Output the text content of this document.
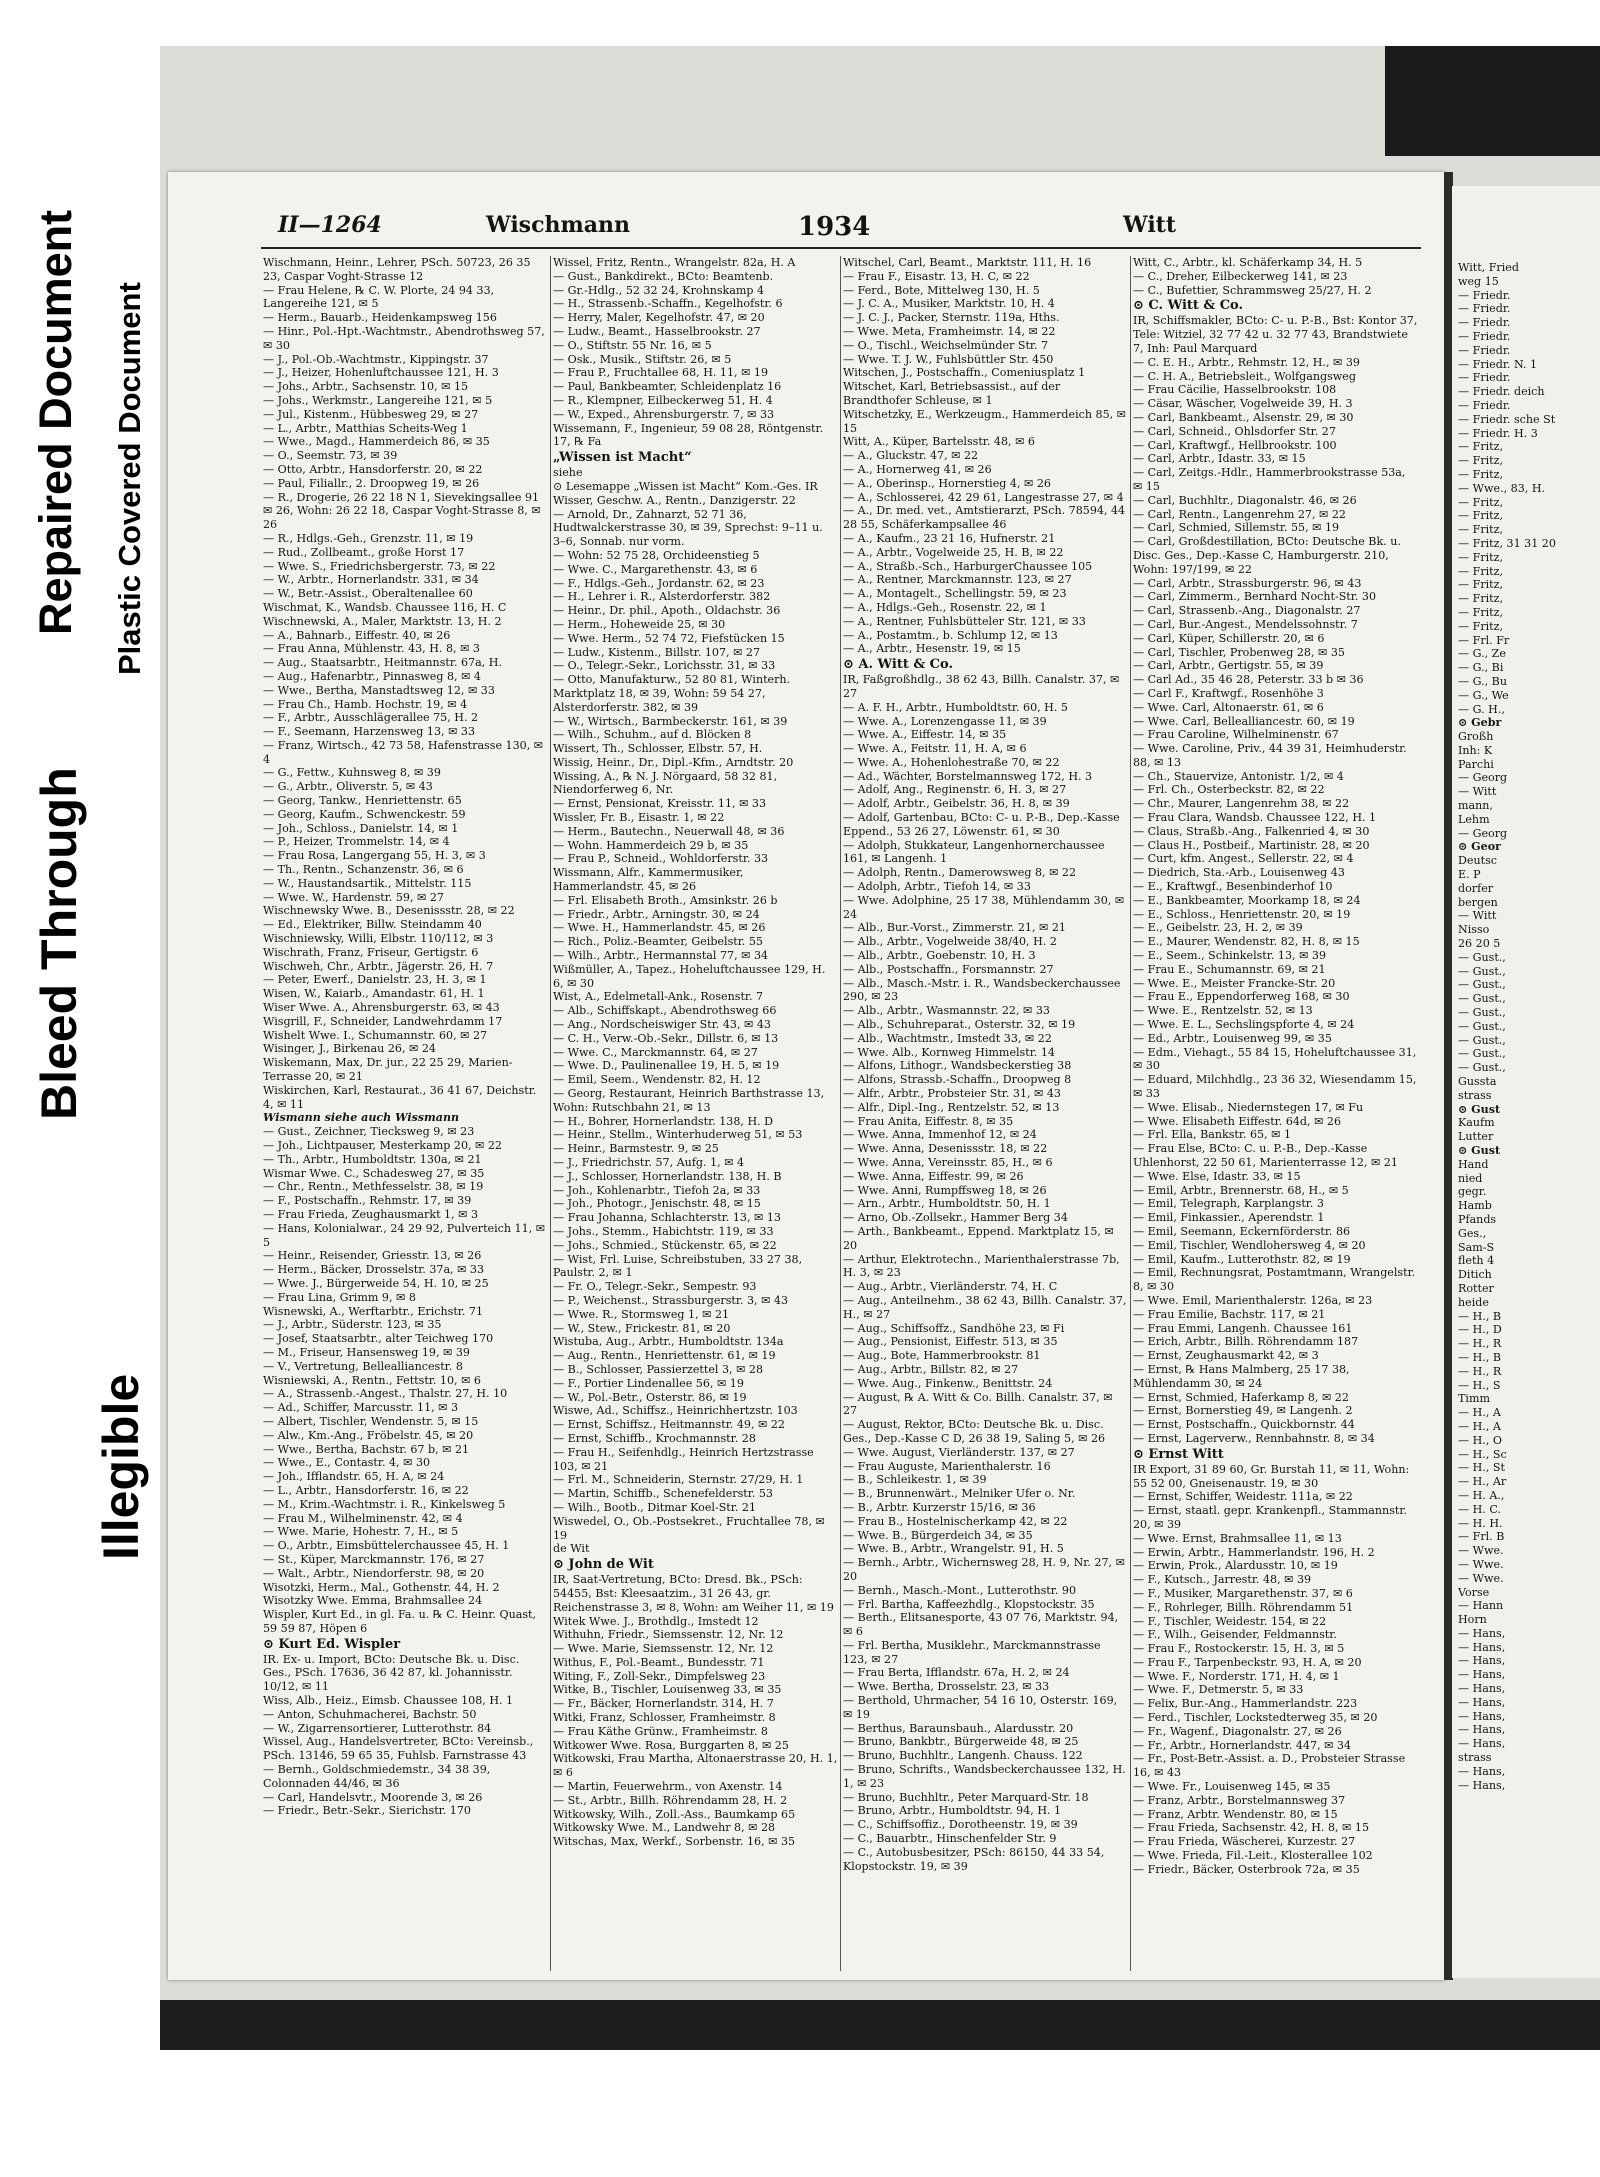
Bleed Through
Repaired Document
Illegible
Plastic Covered Document
II—1264	Wischmann	1934	Witt

Wischmann, Heinr., Lehrer, PSch. 50723, 26 35 23, Caspar Voght-Strasse 12

— Frau Helene, ℞ C. W. Plorte, 24 94 33, Langereihe 121, ✉ 5

— Herm., Bauarb., Heidenkampsweg 156

— Hinr., Pol.-Hpt.-Wachtmstr., Abendrothsweg 57, ✉ 30

— J., Pol.-Ob.-Wachtmstr., Kippingstr. 37

— J., Heizer, Hohenluftchaussee 121, H. 3

— Johs., Arbtr., Sachsenstr. 10, ✉ 15

— Johs., Werkmstr., Langereihe 121, ✉ 5

— Jul., Kistenm., Hübbesweg 29, ✉ 27

— L., Arbtr., Matthias Scheits-Weg 1

— Wwe., Magd., Hammerdeich 86, ✉ 35

— O., Seemstr. 73, ✉ 39

— Otto, Arbtr., Hansdorferstr. 20, ✉ 22

— Paul, Filiallr., 2. Droopweg 19, ✉ 26

— R., Drogerie, 26 22 18 N 1, Sievekingsallee 91 ✉ 26, Wohn: 26 22 18, Caspar Voght-Strasse 8, ✉ 26

— R., Hdlgs.-Geh., Grenzstr. 11, ✉ 19

— Rud., Zollbeamt., große Horst 17

— Wwe. S., Friedrichsbergerstr. 73, ✉ 22

— W., Arbtr., Hornerlandstr. 331, ✉ 34

— W., Betr.-Assist., Oberaltenallee 60

Wischmat, K., Wandsb. Chaussee 116, H. C

Wischnewski, A., Maler, Marktstr. 13, H. 2

— A., Bahnarb., Eiffestr. 40, ✉ 26

— Frau Anna, Mühlenstr. 43, H. 8, ✉ 3

— Aug., Staatsarbtr., Heitmannstr. 67a, H.

— Aug., Hafenarbtr., Pinnasweg 8, ✉ 4

— Wwe., Bertha, Manstadtsweg 12, ✉ 33

— Frau Ch., Hamb. Hochstr. 19, ✉ 4

— F., Arbtr., Ausschlägerallee 75, H. 2

— F., Seemann, Harzensweg 13, ✉ 33

— Franz, Wirtsch., 42 73 58, Hafenstrasse 130, ✉ 4

— G., Fettw., Kuhnsweg 8, ✉ 39

— G., Arbtr., Oliverstr. 5, ✉ 43

— Georg, Tankw., Henriettenstr. 65

— Georg, Kaufm., Schwenckestr. 59

— Joh., Schloss., Danielstr. 14, ✉ 1

— P., Heizer, Trommelstr. 14, ✉ 4

— Frau Rosa, Langergang 55, H. 3, ✉ 3

— Th., Rentn., Schanzenstr. 36, ✉ 6

— W., Haustandsartik., Mittelstr. 115

— Wwe. W., Hardenstr. 59, ✉ 27

Wischnewsky Wwe. B., Desenissstr. 28, ✉ 22

— Ed., Elektriker, Billw. Steindamm 40

Wischniewsky, Willi, Elbstr. 110/112, ✉ 3

Wischrath, Franz, Friseur, Gertigstr. 6

Wischweh, Chr., Arbtr., Jägerstr. 26, H. 7

— Peter, Ewerf., Danielstr. 23, H. 3, ✉ 1

Wisen, W., Kaiarb., Amandastr. 61, H. 1

Wiser Wwe. A., Ahrensburgerstr. 63, ✉ 43

Wisgrill, F., Schneider, Landwehrdamm 17

Wishelt Wwe. I., Schumannstr. 60, ✉ 27

Wisinger, J., Birkenau 26, ✉ 24

Wiskemann, Max, Dr. jur., 22 25 29, Marien-Terrasse 20, ✉ 21

Wiskirchen, Karl, Restaurat., 36 41 67, Deichstr. 4, ✉ 11

Wismann siehe auch Wissmann

— Gust., Zeichner, Tiecksweg 9, ✉ 23

— Joh., Lichtpauser, Mesterkamp 20, ✉ 22

— Th., Arbtr., Humboldtstr. 130a, ✉ 21

Wismar Wwe. C., Schadesweg 27, ✉ 35

— Chr., Rentn., Methfesselstr. 38, ✉ 19

— F., Postschaffn., Rehmstr. 17, ✉ 39

— Frau Frieda, Zeughausmarkt 1, ✉ 3

— Hans, Kolonialwar., 24 29 92, Pulverteich 11, ✉ 5

— Heinr., Reisender, Griesstr. 13, ✉ 26

— Herm., Bäcker, Drosselstr. 37a, ✉ 33

— Wwe. J., Bürgerweide 54, H. 10, ✉ 25

— Frau Lina, Grimm 9, ✉ 8

Wisnewski, A., Werftarbtr., Erichstr. 71

— J., Arbtr., Süderstr. 123, ✉ 35

— Josef, Staatsarbtr., alter Teichweg 170

— M., Friseur, Hansensweg 19, ✉ 39

— V., Vertretung, Bellealliancestr. 8

Wisniewski, A., Rentn., Fettstr. 10, ✉ 6

— A., Strassenb.-Angest., Thalstr. 27, H. 10

— Ad., Schiffer, Marcusstr. 11, ✉ 3

— Albert, Tischler, Wendenstr. 5, ✉ 15

— Alw., Km.-Ang., Fröbelstr. 45, ✉ 20

— Wwe., Bertha, Bachstr. 67 b, ✉ 21

— Wwe., E., Contastr. 4, ✉ 30

— Joh., Ifflandstr. 65, H. A, ✉ 24

— L., Arbtr., Hansdorferstr. 16, ✉ 22

— M., Krim.-Wachtmstr. i. R., Kinkelsweg 5

— Frau M., Wilhelminenstr. 42, ✉ 4

— Wwe. Marie, Hohestr. 7, H., ✉ 5

— O., Arbtr., Eimsbüttelerchaussee 45, H. 1

— St., Küper, Marckmannstr. 176, ✉ 27

— Walt., Arbtr., Niendorferstr. 98, ✉ 20

Wisotzki, Herm., Mal., Gothenstr. 44, H. 2

Wisotzky Wwe. Emma, Brahmsallee 24

Wispler, Kurt Ed., in gl. Fa. u. ℞ C. Heinr. Quast, 59 59 87, Höpen 6

⊙ Kurt Ed. Wispler

IR. Ex- u. Import, BCto: Deutsche Bk. u. Disc. Ges., PSch. 17636, 36 42 87, kl. Johannisstr. 10/12, ✉ 11

Wiss, Alb., Heiz., Eimsb. Chaussee 108, H. 1

— Anton, Schuhmacherei, Bachstr. 50

— W., Zigarrensortierer, Lutterothstr. 84

Wissel, Aug., Handelsvertreter, BCto: Vereinsb., PSch. 13146, 59 65 35, Fuhlsb. Farnstrasse 43

— Bernh., Goldschmiedemstr., 34 38 39, Colonnaden 44/46, ✉ 36

— Carl, Handelsvtr., Moorende 3, ✉ 26

— Friedr., Betr.-Sekr., Sierichstr. 170

Wissel, Fritz, Rentn., Wrangelstr. 82a, H. A

— Gust., Bankdirekt., BCto: Beamtenb.

— Gr.-Hdlg., 52 32 24, Krohnskamp 4

— H., Strassenb.-Schaffn., Kegelhofstr. 6

— Herry, Maler, Kegelhofstr. 47, ✉ 20

— Ludw., Beamt., Hasselbrookstr. 27

— O., Stiftstr. 55 Nr. 16, ✉ 5

— Osk., Musik., Stiftstr. 26, ✉ 5

— Frau P., Fruchtallee 68, H. 11, ✉ 19

— Paul, Bankbeamter, Schleidenplatz 16

— R., Klempner, Eilbeckerweg 51, H. 4

— W., Exped., Ahrensburgerstr. 7, ✉ 33

Wissemann, F., Ingenieur, 59 08 28, Röntgenstr. 17, ℞ Fa

„Wissen ist Macht“

siehe

⊙ Lesemappe „Wissen ist Macht“ Kom.-Ges. IR

Wisser, Geschw. A., Rentn., Danzigerstr. 22

— Arnold, Dr., Zahnarzt, 52 71 36, Hudtwalckerstrasse 30, ✉ 39, Sprechst: 9–11 u. 3–6, Sonnab. nur vorm.

— Wohn: 52 75 28, Orchideenstieg 5

— Wwe. C., Margarethenstr. 43, ✉ 6

— F., Hdlgs.-Geh., Jordanstr. 62, ✉ 23

— H., Lehrer i. R., Alsterdorferstr. 382

— Heinr., Dr. phil., Apoth., Oldachstr. 36

— Herm., Hoheweide 25, ✉ 30

— Wwe. Herm., 52 74 72, Fiefstücken 15

— Ludw., Kistenm., Billstr. 107, ✉ 27

— O., Telegr.-Sekr., Lorichsstr. 31, ✉ 33

— Otto, Manufakturw., 52 80 81, Winterh. Marktplatz 18, ✉ 39, Wohn: 59 54 27, Alsterdorferstr. 382, ✉ 39

— W., Wirtsch., Barmbeckerstr. 161, ✉ 39

— Wilh., Schuhm., auf d. Blöcken 8

Wissert, Th., Schlosser, Elbstr. 57, H.

Wissig, Heinr., Dr., Dipl.-Kfm., Arndtstr. 20

Wissing, A., ℞ N. J. Nörgaard, 58 32 81, Niendorferweg 6, Nr.

— Ernst, Pensionat, Kreisstr. 11, ✉ 33

Wissler, Fr. B., Eisastr. 1, ✉ 22

— Herm., Bautechn., Neuerwall 48, ✉ 36

— Wohn. Hammerdeich 29 b, ✉ 35

— Frau P., Schneid., Wohldorferstr. 33

Wissmann, Alfr., Kammermusiker, Hammerlandstr. 45, ✉ 26

— Frl. Elisabeth Broth., Amsinkstr. 26 b

— Friedr., Arbtr., Arningstr. 30, ✉ 24

— Wwe. H., Hammerlandstr. 45, ✉ 26

— Rich., Poliz.-Beamter, Geibelstr. 55

— Wilh., Arbtr., Hermannstal 77, ✉ 34

Wißmüller, A., Tapez., Hoheluftchaussee 129, H. 6, ✉ 30

Wist, A., Edelmetall-Ank., Rosenstr. 7

— Alb., Schiffskapt., Abendrothsweg 66

— Ang., Nordscheiswiger Str. 43, ✉ 43

— C. H., Verw.-Ob.-Sekr., Dillstr. 6, ✉ 13

— Wwe. C., Marckmannstr. 64, ✉ 27

— Wwe. D., Paulinenallee 19, H. 5, ✉ 19

— Emil, Seem., Wendenstr. 82, H. 12

— Georg, Restaurant, Heinrich Barthstrasse 13, Wohn: Rutschbahn 21, ✉ 13

— H., Bohrer, Hornerlandstr. 138, H. D

— Heinr., Stellm., Winterhuderweg 51, ✉ 53

— Heinr., Barmstestr. 9, ✉ 25

— J., Friedrichstr. 57, Aufg. 1, ✉ 4

— J., Schlosser, Hornerlandstr. 138, H. B

— Joh., Kohlenarbtr., Tiefoh 2a, ✉ 33

— Joh., Photogr., Jenischstr. 48, ✉ 15

— Frau Johanna, Schlachterstr. 13, ✉ 13

— Johs., Stemm., Habichtstr. 119, ✉ 33

— Johs., Schmied., Stückenstr. 65, ✉ 22

— Wist, Frl. Luise, Schreibstuben, 33 27 38, Paulstr. 2, ✉ 1

— Fr. O., Telegr.-Sekr., Sempestr. 93

— P., Weichenst., Strassburgerstr. 3, ✉ 43

— Wwe. R., Stormsweg 1, ✉ 21

— W., Stew., Frickestr. 81, ✉ 20

Wistuba, Aug., Arbtr., Humboldtstr. 134a

— Aug., Rentn., Henriettenstr. 61, ✉ 19

— B., Schlosser, Passierzettel 3, ✉ 28

— F., Portier Lindenallee 56, ✉ 19

— W., Pol.-Betr., Osterstr. 86, ✉ 19

Wiswe, Ad., Schiffsz., Heinrichhertzstr. 103

— Ernst, Schiffsz., Heitmannstr. 49, ✉ 22

— Ernst, Schiffb., Krochmannstr. 28

— Frau H., Seifenhdlg., Heinrich Hertzstrasse 103, ✉ 21

— Frl. M., Schneiderin, Sternstr. 27/29, H. 1

— Martin, Schiffb., Schenefelderstr. 53

— Wilh., Bootb., Ditmar Koel-Str. 21

Wiswedel, O., Ob.-Postsekret., Fruchtallee 78, ✉ 19

de Wit

⊙ John de Wit

IR, Saat-Vertretung, BCto: Dresd. Bk., PSch: 54455, Bst: Kleesaatzim., 31 26 43, gr. Reichenstrasse 3, ✉ 8, Wohn: am Weiher 11, ✉ 19

Witek Wwe. J., Brothdlg., Imstedt 12

Withuhn, Friedr., Siemssenstr. 12, Nr. 12

— Wwe. Marie, Siemssenstr. 12, Nr. 12

Withus, F., Pol.-Beamt., Bundesstr. 71

Witing, F., Zoll-Sekr., Dimpfelsweg 23

Witke, B., Tischler, Louisenweg 33, ✉ 35

— Fr., Bäcker, Hornerlandstr. 314, H. 7

Witki, Franz, Schlosser, Framheimstr. 8

— Frau Käthe Grünw., Framheimstr. 8

Witkower Wwe. Rosa, Burggarten 8, ✉ 25

Witkowski, Frau Martha, Altonaerstrasse 20, H. 1, ✉ 6

— Martin, Feuerwehrm., von Axenstr. 14

— St., Arbtr., Billh. Röhrendamm 28, H. 2

Witkowsky, Wilh., Zoll.-Ass., Baumkamp 65

Witkowsky Wwe. M., Landwehr 8, ✉ 28

Witschas, Max, Werkf., Sorbenstr. 16, ✉ 35

Witschel, Carl, Beamt., Marktstr. 111, H. 16

— Frau F., Eisastr. 13, H. C, ✉ 22

— Ferd., Bote, Mittelweg 130, H. 5

— J. C. A., Musiker, Marktstr. 10, H. 4

— J. C. J., Packer, Sternstr. 119a, Hths.

— Wwe. Meta, Framheimstr. 14, ✉ 22

— O., Tischl., Weichselmünder Str. 7

— Wwe. T. J. W., Fuhlsbüttler Str. 450

Witschen, J., Postschaffn., Comeniusplatz 1

Witschet, Karl, Betriebsassist., auf der Brandthofer Schleuse, ✉ 1

Witschetzky, E., Werkzeugm., Hammerdeich 85, ✉ 15

Witt, A., Küper, Bartelsstr. 48, ✉ 6

— A., Gluckstr. 47, ✉ 22

— A., Hornerweg 41, ✉ 26

— A., Oberinsp., Hornerstieg 4, ✉ 26

— A., Schlosserei, 42 29 61, Langestrasse 27, ✉ 4

— A., Dr. med. vet., Amtstierarzt, PSch. 78594, 44 28 55, Schäferkampsallee 46

— A., Kaufm., 23 21 16, Hufnerstr. 21

— A., Arbtr., Vogelweide 25, H. B, ✉ 22

— A., Straßb.-Sch., HarburgerChaussee 105

— A., Rentner, Marckmannstr. 123, ✉ 27

— A., Montagelt., Schellingstr. 59, ✉ 23

— A., Hdlgs.-Geh., Rosenstr. 22, ✉ 1

— A., Rentner, Fuhlsbütteler Str. 121, ✉ 33

— A., Postamtm., b. Schlump 12, ✉ 13

— A., Arbtr., Hesenstr. 19, ✉ 15

⊙ A. Witt & Co.

IR, Faßgroßhdlg., 38 62 43, Billh. Canalstr. 37, ✉ 27

— A. F. H., Arbtr., Humboldtstr. 60, H. 5

— Wwe. A., Lorenzengasse 11, ✉ 39

— Wwe. A., Eiffestr. 14, ✉ 35

— Wwe. A., Feitstr. 11, H. A, ✉ 6

— Wwe. A., Hohenlohestraße 70, ✉ 22

— Ad., Wächter, Borstelmannsweg 172, H. 3

— Adolf, Ang., Reginenstr. 6, H. 3, ✉ 27

— Adolf, Arbtr., Geibelstr. 36, H. 8, ✉ 39

— Adolf, Gartenbau, BCto: C- u. P.-B., Dep.-Kasse Eppend., 53 26 27, Löwenstr. 61, ✉ 30

— Adolph, Stukkateur, Langenhornerchaussee 161, ✉ Langenh. 1

— Adolph, Rentn., Damerowsweg 8, ✉ 22

— Adolph, Arbtr., Tiefoh 14, ✉ 33

— Wwe. Adolphine, 25 17 38, Mühlendamm 30, ✉ 24

— Alb., Bur.-Vorst., Zimmerstr. 21, ✉ 21

— Alb., Arbtr., Vogelweide 38/40, H. 2

— Alb., Arbtr., Goebenstr. 10, H. 3

— Alb., Postschaffn., Forsmannstr. 27

— Alb., Masch.-Mstr. i. R., Wandsbeckerchaussee 290, ✉ 23

— Alb., Arbtr., Wasmannstr. 22, ✉ 33

— Alb., Schuhreparat., Osterstr. 32, ✉ 19

— Alb., Wachtmstr., Imstedt 33, ✉ 22

— Wwe. Alb., Kornweg Himmelstr. 14

— Alfons, Lithogr., Wandsbeckerstieg 38

— Alfons, Strassb.-Schaffn., Droopweg 8

— Alfr., Arbtr., Probsteier Str. 31, ✉ 43

— Alfr., Dipl.-Ing., Rentzelstr. 52, ✉ 13

— Frau Anita, Eiffestr. 8, ✉ 35

— Wwe. Anna, Immenhof 12, ✉ 24

— Wwe. Anna, Desenissstr. 18, ✉ 22

— Wwe. Anna, Vereinsstr. 85, H., ✉ 6

— Wwe. Anna, Eiffestr. 99, ✉ 26

— Wwe. Anni, Rumpffsweg 18, ✉ 26

— Arn., Arbtr., Humboldtstr. 50, H. 1

— Arno, Ob.-Zollsekr., Hammer Berg 34

— Arth., Bankbeamt., Eppend. Marktplatz 15, ✉ 20

— Arthur, Elektrotechn., Marienthalerstrasse 7b, H. 3, ✉ 23

— Aug., Arbtr., Vierländerstr. 74, H. C

— Aug., Anteilnehm., 38 62 43, Billh. Canalstr. 37, H., ✉ 27

— Aug., Schiffsoffz., Sandhöhe 23, ✉ Fi

— Aug., Pensionist, Eiffestr. 513, ✉ 35

— Aug., Bote, Hammerbrookstr. 81

— Aug., Arbtr., Billstr. 82, ✉ 27

— Wwe. Aug., Finkenw., Benittstr. 24

— August, ℞ A. Witt & Co. Billh. Canalstr. 37, ✉ 27

— August, Rektor, BCto: Deutsche Bk. u. Disc. Ges., Dep.-Kasse C D, 26 38 19, Saling 5, ✉ 26

— Wwe. August, Vierländerstr. 137, ✉ 27

— Frau Auguste, Marienthalerstr. 16

— B., Schleikestr. 1, ✉ 39

— B., Brunnenwärt., Melniker Ufer o. Nr.

— B., Arbtr. Kurzerstr 15/16, ✉ 36

— Frau B., Hostelnischerkamp 42, ✉ 22

— Wwe. B., Bürgerdeich 34, ✉ 35

— Wwe. B., Arbtr., Wrangelstr. 91, H. 5

— Bernh., Arbtr., Wichernsweg 28, H. 9, Nr. 27, ✉ 20

— Bernh., Masch.-Mont., Lutterothstr. 90

— Frl. Bartha, Kaffeezhdlg., Klopstockstr. 35

— Berth., Elitsanesporte, 43 07 76, Marktstr. 94, ✉ 6

— Frl. Bertha, Musiklehr., Marckmannstrasse 123, ✉ 27

— Frau Berta, Ifflandstr. 67a, H. 2, ✉ 24

— Wwe. Bertha, Drosselstr. 23, ✉ 33

— Berthold, Uhrmacher, 54 16 10, Osterstr. 169, ✉ 19

— Berthus, Baraunsbauh., Alardusstr. 20

— Bruno, Bankbtr., Bürgerweide 48, ✉ 25

— Bruno, Buchhltr., Langenh. Chauss. 122

— Bruno, Schrifts., Wandsbeckerchaussee 132, H. 1, ✉ 23

— Bruno, Buchhltr., Peter Marquard-Str. 18

— Bruno, Arbtr., Humboldtstr. 94, H. 1

— C., Schiffsoffiz., Dorotheenstr. 19, ✉ 39

— C., Bauarbtr., Hinschenfelder Str. 9

— C., Autobusbesitzer, PSch: 86150, 44 33 54, Klopstockstr. 19, ✉ 39

Witt, C., Arbtr., kl. Schäferkamp 34, H. 5

— C., Dreher, Eilbeckerweg 141, ✉ 23

— C., Bufettier, Schrammsweg 25/27, H. 2

⊙ C. Witt & Co.

IR, Schiffsmakler, BCto: C- u. P.-B., Bst: Kontor 37, Tele: Witziel, 32 77 42 u. 32 77 43, Brandstwiete 7, Inh: Paul Marquard

— C. E. H., Arbtr., Rehmstr. 12, H., ✉ 39

— C. H. A., Betriebsleit., Wolfgangsweg

— Frau Cäcilie, Hasselbrookstr. 108

— Cäsar, Wäscher, Vogelweide 39, H. 3

— Carl, Bankbeamt., Alsenstr. 29, ✉ 30

— Carl, Schneid., Ohlsdorfer Str. 27

— Carl, Kraftwgf., Hellbrookstr. 100

— Carl, Arbtr., Idastr. 33, ✉ 15

— Carl, Zeitgs.-Hdlr., Hammerbrookstrasse 53a, ✉ 15

— Carl, Buchhltr., Diagonalstr. 46, ✉ 26

— Carl, Rentn., Langenrehm 27, ✉ 22

— Carl, Schmied, Sillemstr. 55, ✉ 19

— Carl, Großdestillation, BCto: Deutsche Bk. u. Disc. Ges., Dep.-Kasse C, Hamburgerstr. 210, Wohn: 197/199, ✉ 22

— Carl, Arbtr., Strassburgerstr. 96, ✉ 43

— Carl, Zimmerm., Bernhard Nocht-Str. 30

— Carl, Strassenb.-Ang., Diagonalstr. 27

— Carl, Bur.-Angest., Mendelssohnstr. 7

— Carl, Küper, Schillerstr. 20, ✉ 6

— Carl, Tischler, Probenweg 28, ✉ 35

— Carl, Arbtr., Gertigstr. 55, ✉ 39

— Carl Ad., 35 46 28, Peterstr. 33 b ✉ 36

— Carl F., Kraftwgf., Rosenhöhe 3

— Wwe. Carl, Altonaerstr. 61, ✉ 6

— Wwe. Carl, Bellealliancestr. 60, ✉ 19

— Frau Caroline, Wilhelminenstr. 67

— Wwe. Caroline, Priv., 44 39 31, Heimhuderstr. 88, ✉ 13

— Ch., Stauervize, Antonistr. 1/2, ✉ 4

— Frl. Ch., Osterbeckstr. 82, ✉ 22

— Chr., Maurer, Langenrehm 38, ✉ 22

— Frau Clara, Wandsb. Chaussee 122, H. 1

— Claus, Straßb.-Ang., Falkenried 4, ✉ 30

— Claus H., Postbeif., Martinistr. 28, ✉ 20

— Curt, kfm. Angest., Sellerstr. 22, ✉ 4

— Diedrich, Sta.-Arb., Louisenweg 43

— E., Kraftwgf., Besenbinderhof 10

— E., Bankbeamter, Moorkamp 18, ✉ 24

— E., Schloss., Henriettenstr. 20, ✉ 19

— E., Geibelstr. 23, H. 2, ✉ 39

— E., Maurer, Wendenstr. 82, H. 8, ✉ 15

— E., Seem., Schinkelstr. 13, ✉ 39

— Frau E., Schumannstr. 69, ✉ 21

— Wwe. E., Meister Francke-Str. 20

— Frau E., Eppendorferweg 168, ✉ 30

— Wwe. E., Rentzelstr. 52, ✉ 13

— Wwe. E. L., Sechslingspforte 4, ✉ 24

— Ed., Arbtr., Louisenweg 99, ✉ 35

— Edm., Viehagt., 55 84 15, Hoheluftchaussee 31, ✉ 30

— Eduard, Milchhdlg., 23 36 32, Wiesendamm 15, ✉ 33

— Wwe. Elisab., Niedernstegen 17, ✉ Fu

— Wwe. Elisabeth Eiffestr. 64d, ✉ 26

— Frl. Ella, Bankstr. 65, ✉ 1

— Frau Else, BCto: C. u. P.-B., Dep.-Kasse Uhlenhorst, 22 50 61, Marienterrasse 12, ✉ 21

— Wwe. Else, Idastr. 33, ✉ 15

— Emil, Arbtr., Brennerstr. 68, H., ✉ 5

— Emil, Telegraph, Karplangstr. 3

— Emil, Finkassier., Aperendstr. 1

— Emil, Seemann, Eckernförderstr. 86

— Emil, Tischler, Wendlohersweg 4, ✉ 20

— Emil, Kaufm., Lutterothstr. 82, ✉ 19

— Emil, Rechnungsrat, Postamtmann, Wrangelstr. 8, ✉ 30

— Wwe. Emil, Marienthalerstr. 126a, ✉ 23

— Frau Emilie, Bachstr. 117, ✉ 21

— Frau Emmi, Langenh. Chaussee 161

— Erich, Arbtr., Billh. Röhrendamm 187

— Ernst, Zeughausmarkt 42, ✉ 3

— Ernst, ℞ Hans Malmberg, 25 17 38, Mühlendamm 30, ✉ 24

— Ernst, Schmied, Haferkamp 8, ✉ 22

— Ernst, Bornerstieg 49, ✉ Langenh. 2

— Ernst, Postschaffn., Quickbornstr. 44

— Ernst, Lagerverw., Rennbahnstr. 8, ✉ 34

⊙ Ernst Witt

IR Export, 31 89 60, Gr. Burstah 11, ✉ 11, Wohn: 55 52 00, Gneisenaustr. 19, ✉ 30

— Ernst, Schiffer, Weidestr. 111a, ✉ 22

— Ernst, staatl. gepr. Krankenpfl., Stammannstr. 20, ✉ 39

— Wwe. Ernst, Brahmsallee 11, ✉ 13

— Erwin, Arbtr., Hammerlandstr. 196, H. 2

— Erwin, Prok., Alardusstr. 10, ✉ 19

— F., Kutsch., Jarrestr. 48, ✉ 39

— F., Musiker, Margarethenstr. 37, ✉ 6

— F., Rohrleger, Billh. Röhrendamm 51

— F., Tischler, Weidestr. 154, ✉ 22

— F., Wilh., Geisender, Feldmannstr.

— Frau F., Rostockerstr. 15, H. 3, ✉ 5

— Frau F., Tarpenbeckstr. 93, H. A, ✉ 20

— Wwe. F., Norderstr. 171, H. 4, ✉ 1

— Wwe. F., Detmerstr. 5, ✉ 33

— Felix, Bur.-Ang., Hammerlandstr. 223

— Ferd., Tischler, Lockstedterweg 35, ✉ 20

— Fr., Wagenf., Diagonalstr. 27, ✉ 26

— Fr., Arbtr., Hornerlandstr. 447, ✉ 34

— Fr., Post-Betr.-Assist. a. D., Probsteier Strasse 16, ✉ 43

— Wwe. Fr., Louisenweg 145, ✉ 35

— Franz, Arbtr., Borstelmannsweg 37

— Franz, Arbtr. Wendenstr. 80, ✉ 15

— Frau Frieda, Sachsenstr. 42, H. 8, ✉ 15

— Frau Frieda, Wäscherei, Kurzestr. 27

— Wwe. Frieda, Fil.-Leit., Klosterallee 102

— Friedr., Bäcker, Osterbrook 72a, ✉ 35

Witt, Fried

weg 15

— Friedr.

— Friedr.

— Friedr.

— Friedr.

— Friedr.

— Friedr. N. 1

— Friedr.

— Friedr. deich

— Friedr.

— Friedr. sche St

— Friedr. H. 3

— Fritz,

— Fritz,

— Fritz,

— Wwe., 83, H.

— Fritz,

— Fritz,

— Fritz,

— Fritz, 31 31 20

— Fritz,

— Fritz,

— Fritz,

— Fritz,

— Fritz,

— Fritz,

— Frl. Fr

— G., Ze

— G., Bi

— G., Bu

— G., We

— G. H.,

⊙ Gebr

Großh

Inh: K

Parchi

— Georg

— Witt

mann,

Lehm

— Georg

⊙ Geor

Deutsc

E. P

dorfer

bergen

— Witt

Nisso

26 20 5

— Gust.,

— Gust.,

— Gust.,

— Gust.,

— Gust.,

— Gust.,

— Gust.,

— Gust.,

— Gust.,

Gussta

strass

⊙ Gust

Kaufm

Lutter

⊙ Gust

Hand

nied

gegr.

Hamb

Pfands

Ges.,

Sam-S

fleth 4

Ditich

Rotter

heide

— H., B

— H., D

— H., R

— H., B

— H., R

— H., S

Timm

— H., A

— H., A

— H., O

— H., Sc

— H., St

— H., Ar

— H. A.,

— H. C.

— H. H.

— Frl. B

— Wwe.

— Wwe.

— Wwe.

Vorse

— Hann

Horn

— Hans,

— Hans,

— Hans,

— Hans,

— Hans,

— Hans,

— Hans,

— Hans,

— Hans,

strass

— Hans,

— Hans,
